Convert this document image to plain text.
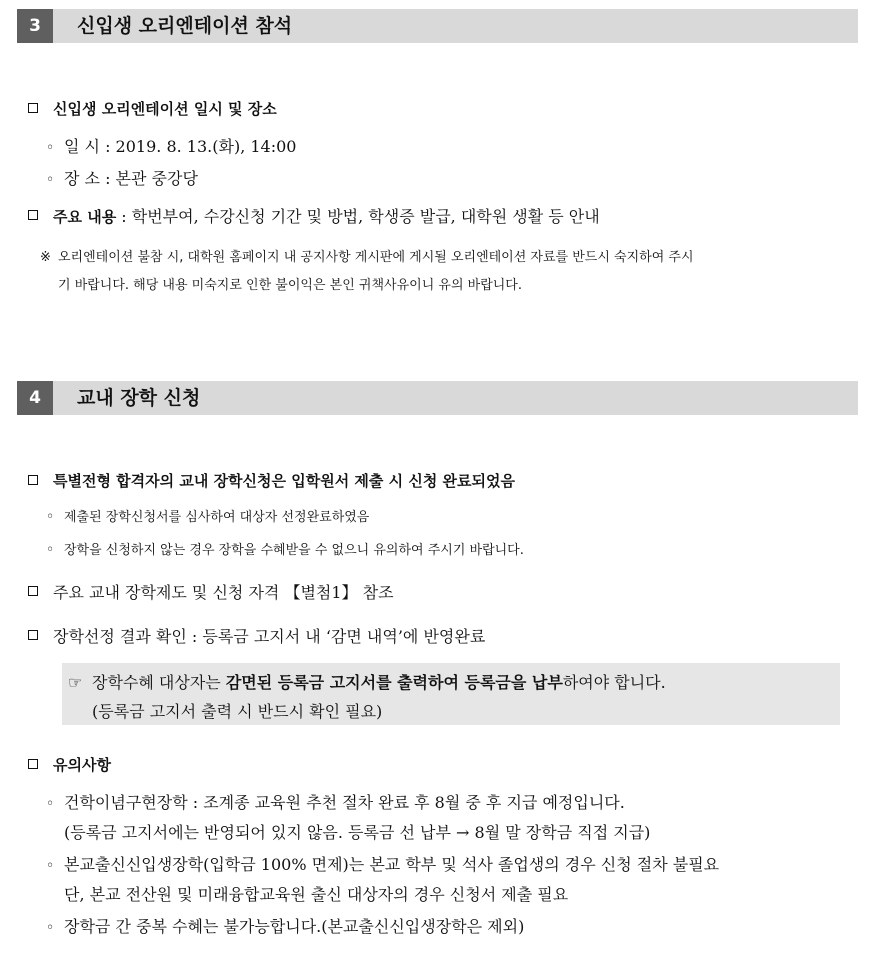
3	신입생 오리엔테이션 참석
신입생 오리엔테이션 일시 및 장소
◦ 일 시 : 2019. 8. 13.(화), 14:00
◦ 장 소 : 본관 중강당
주요 내용 : 학번부여, 수강신청 기간 및 방법, 학생증 발급, 대학원 생활 등 안내
※ 오리엔테이션 불참 시, 대학원 홈페이지 내 공지사항 게시판에 게시될 오리엔테이션 자료를 반드시 숙지하여 주시
기 바랍니다. 해당 내용 미숙지로 인한 불이익은 본인 귀책사유이니 유의 바랍니다.
4	교내 장학 신청
특별전형 합격자의 교내 장학신청은 입학원서 제출 시 신청 완료되었음
◦ 제출된 장학신청서를 심사하여 대상자 선정완료하였음
◦ 장학을 신청하지 않는 경우 장학을 수혜받을 수 없으니 유의하여 주시기 바랍니다.
주요 교내 장학제도 및 신청 자격 【별첨1】 참조
장학선정 결과 확인 : 등록금 고지서 내 ‘감면 내역’에 반영완료
☞ 장학수혜 대상자는 감면된 등록금 고지서를 출력하여 등록금을 납부하여야 합니다.
(등록금 고지서 출력 시 반드시 확인 필요)
유의사항
◦ 건학이념구현장학 : 조계종 교육원 추천 절차 완료 후 8월 중 후 지급 예정입니다.
(등록금 고지서에는 반영되어 있지 않음. 등록금 선 납부 → 8월 말 장학금 직접 지급)
◦ 본교출신신입생장학(입학금 100% 면제)는 본교 학부 및 석사 졸업생의 경우 신청 절차 불필요
단, 본교 전산원 및 미래융합교육원 출신 대상자의 경우 신청서 제출 필요
◦ 장학금 간 중복 수혜는 불가능합니다.(본교출신신입생장학은 제외)
